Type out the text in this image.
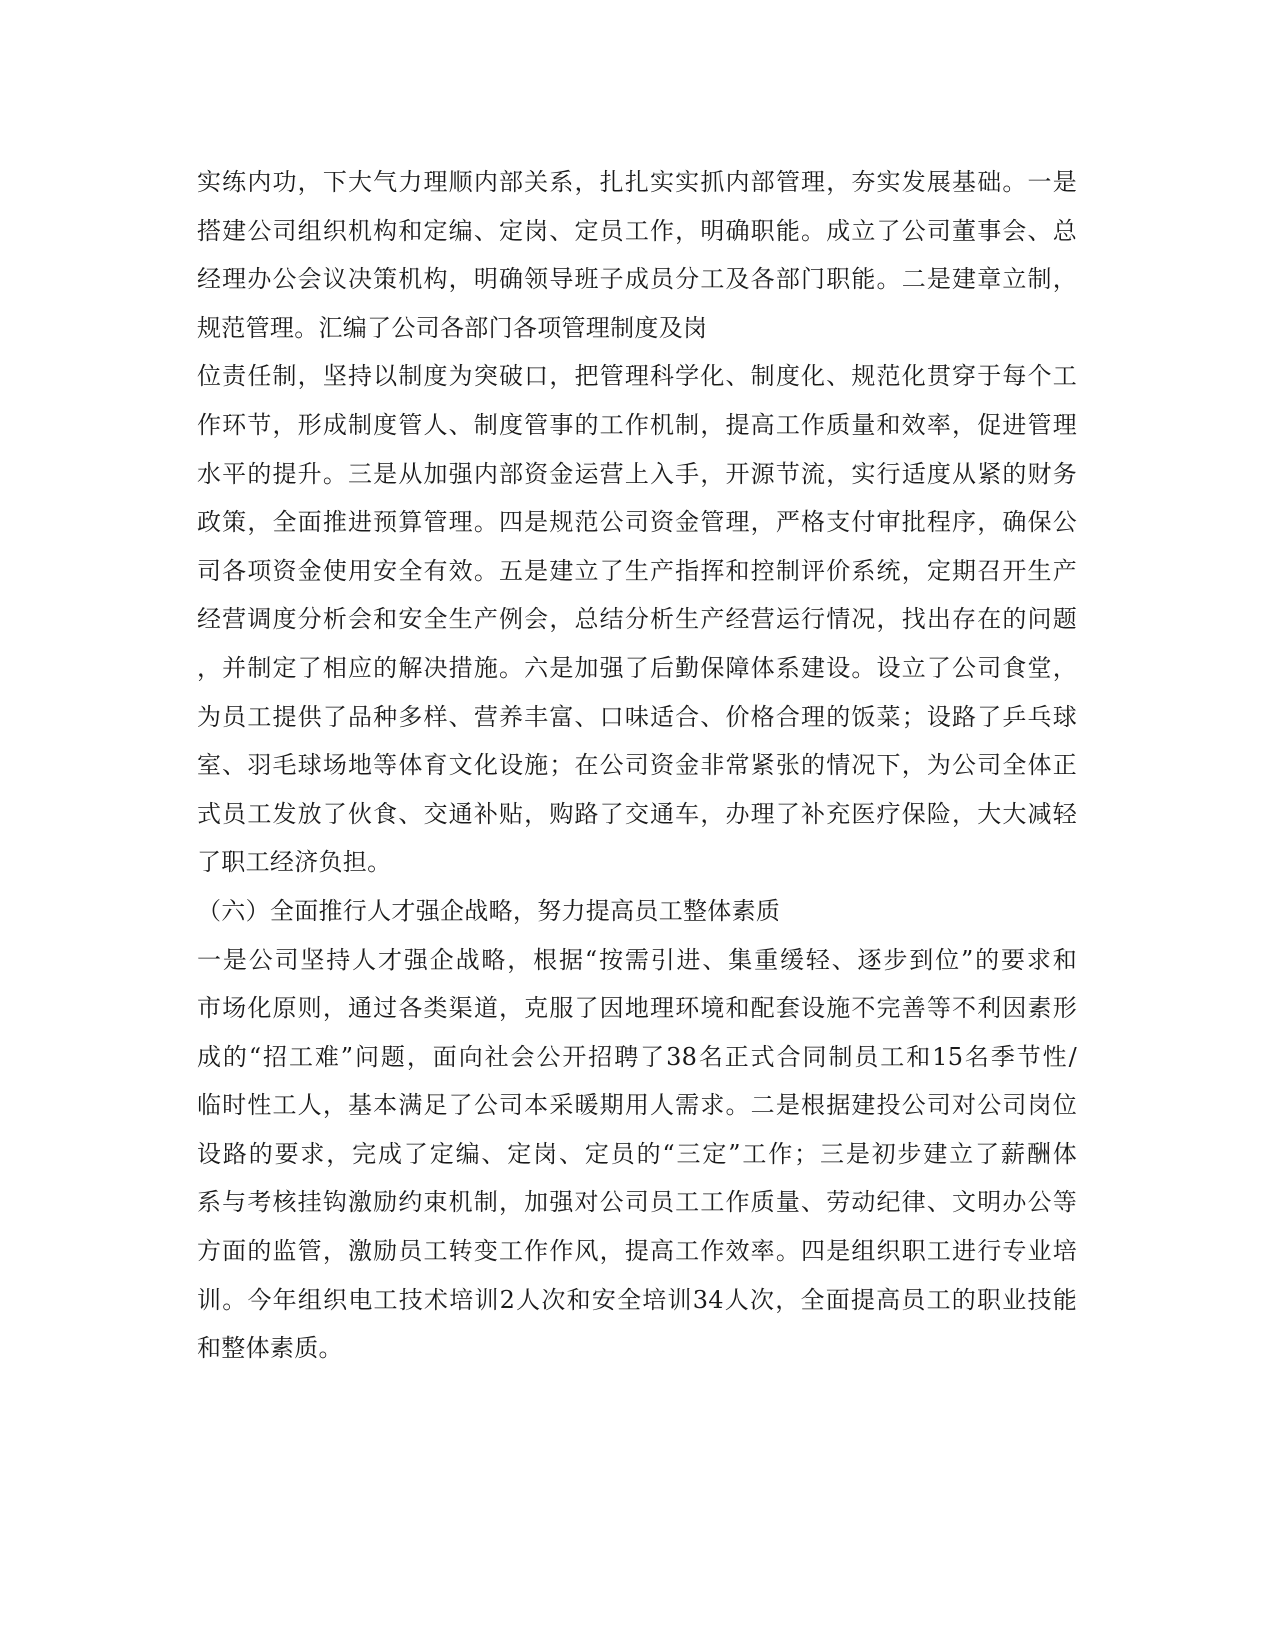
实练内功，下大气力理顺内部关系，扎扎实实抓内部管理，夯实发展基础。一是
搭建公司组织机构和定编、定岗、定员工作，明确职能。成立了公司董事会、总
经理办公会议决策机构，明确领导班子成员分工及各部门职能。二是建章立制，
规范管理。汇编了公司各部门各项管理制度及岗
位责任制，坚持以制度为突破口，把管理科学化、制度化、规范化贯穿于每个工
作环节，形成制度管人、制度管事的工作机制，提高工作质量和效率，促进管理
水平的提升。三是从加强内部资金运营上入手，开源节流，实行适度从紧的财务
政策，全面推进预算管理。四是规范公司资金管理，严格支付审批程序，确保公
司各项资金使用安全有效。五是建立了生产指挥和控制评价系统，定期召开生产
经营调度分析会和安全生产例会，总结分析生产经营运行情况，找出存在的问题
，并制定了相应的解决措施。六是加强了后勤保障体系建设。设立了公司食堂，
为员工提供了品种多样、营养丰富、口味适合、价格合理的饭菜；设路了乒乓球
室、羽毛球场地等体育文化设施；在公司资金非常紧张的情况下，为公司全体正
式员工发放了伙食、交通补贴，购路了交通车，办理了补充医疗保险，大大减轻
了职工经济负担。
（六）全面推行人才强企战略，努力提高员工整体素质
一是公司坚持人才强企战略，根据“按需引进、集重缓轻、逐步到位”的要求和
市场化原则，通过各类渠道，克服了因地理环境和配套设施不完善等不利因素形
成的“招工难”问题，面向社会公开招聘了38名正式合同制员工和15名季节性/
临时性工人，基本满足了公司本采暖期用人需求。二是根据建投公司对公司岗位
设路的要求，完成了定编、定岗、定员的“三定”工作；三是初步建立了薪酬体
系与考核挂钩激励约束机制，加强对公司员工工作质量、劳动纪律、文明办公等
方面的监管，激励员工转变工作作风，提高工作效率。四是组织职工进行专业培
训。今年组织电工技术培训2人次和安全培训34人次，全面提高员工的职业技能
和整体素质。
